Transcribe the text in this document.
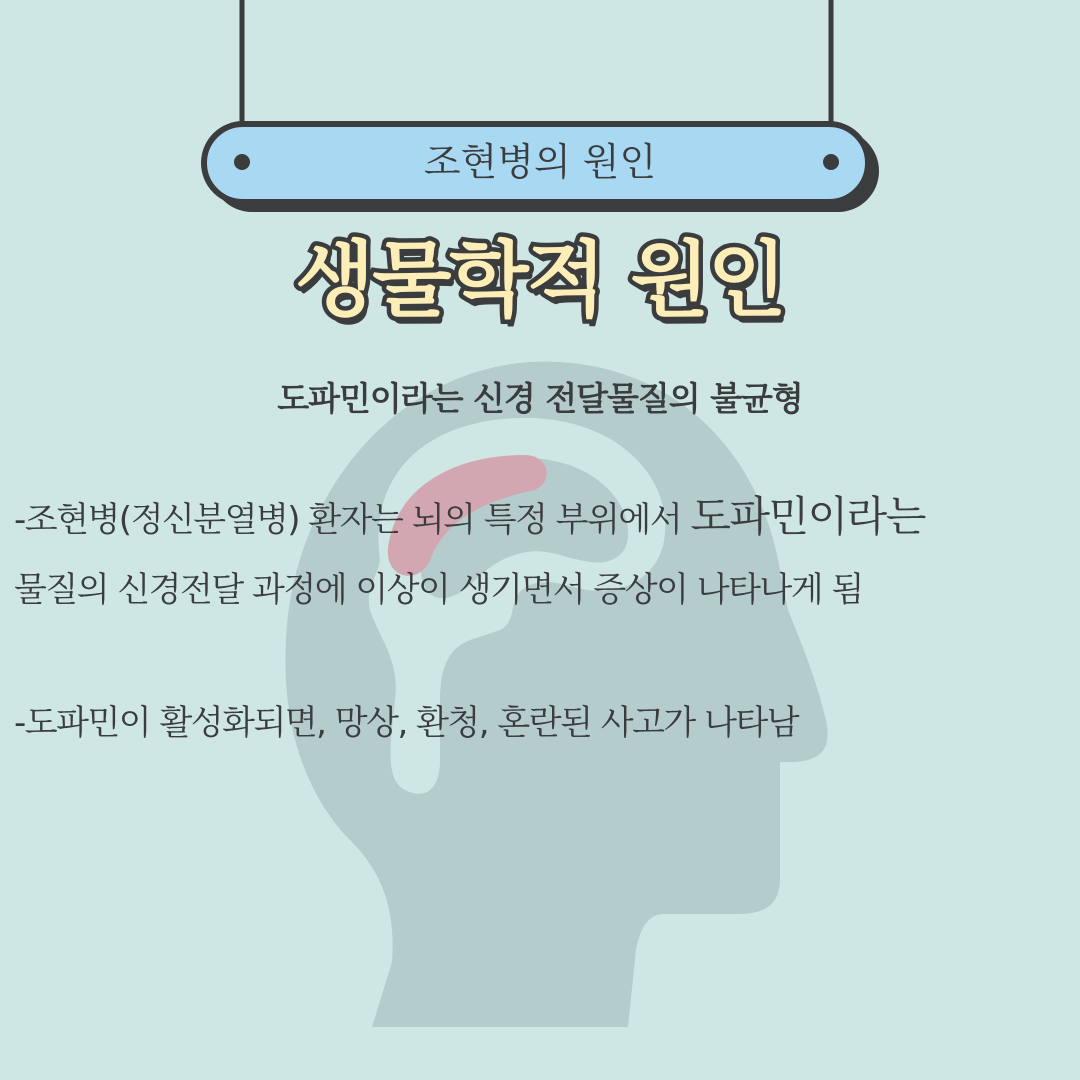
조현병의 원인
생물학적 원인
도파민이라는 신경 전달물질의 불균형

-조현병(정신분열병) 환자는 뇌의 특정 부위에서 도파민이라는
물질의 신경전달 과정에 이상이 생기면서 증상이 나타나게 됨

-도파민이 활성화되면, 망상, 환청, 혼란된 사고가 나타남
